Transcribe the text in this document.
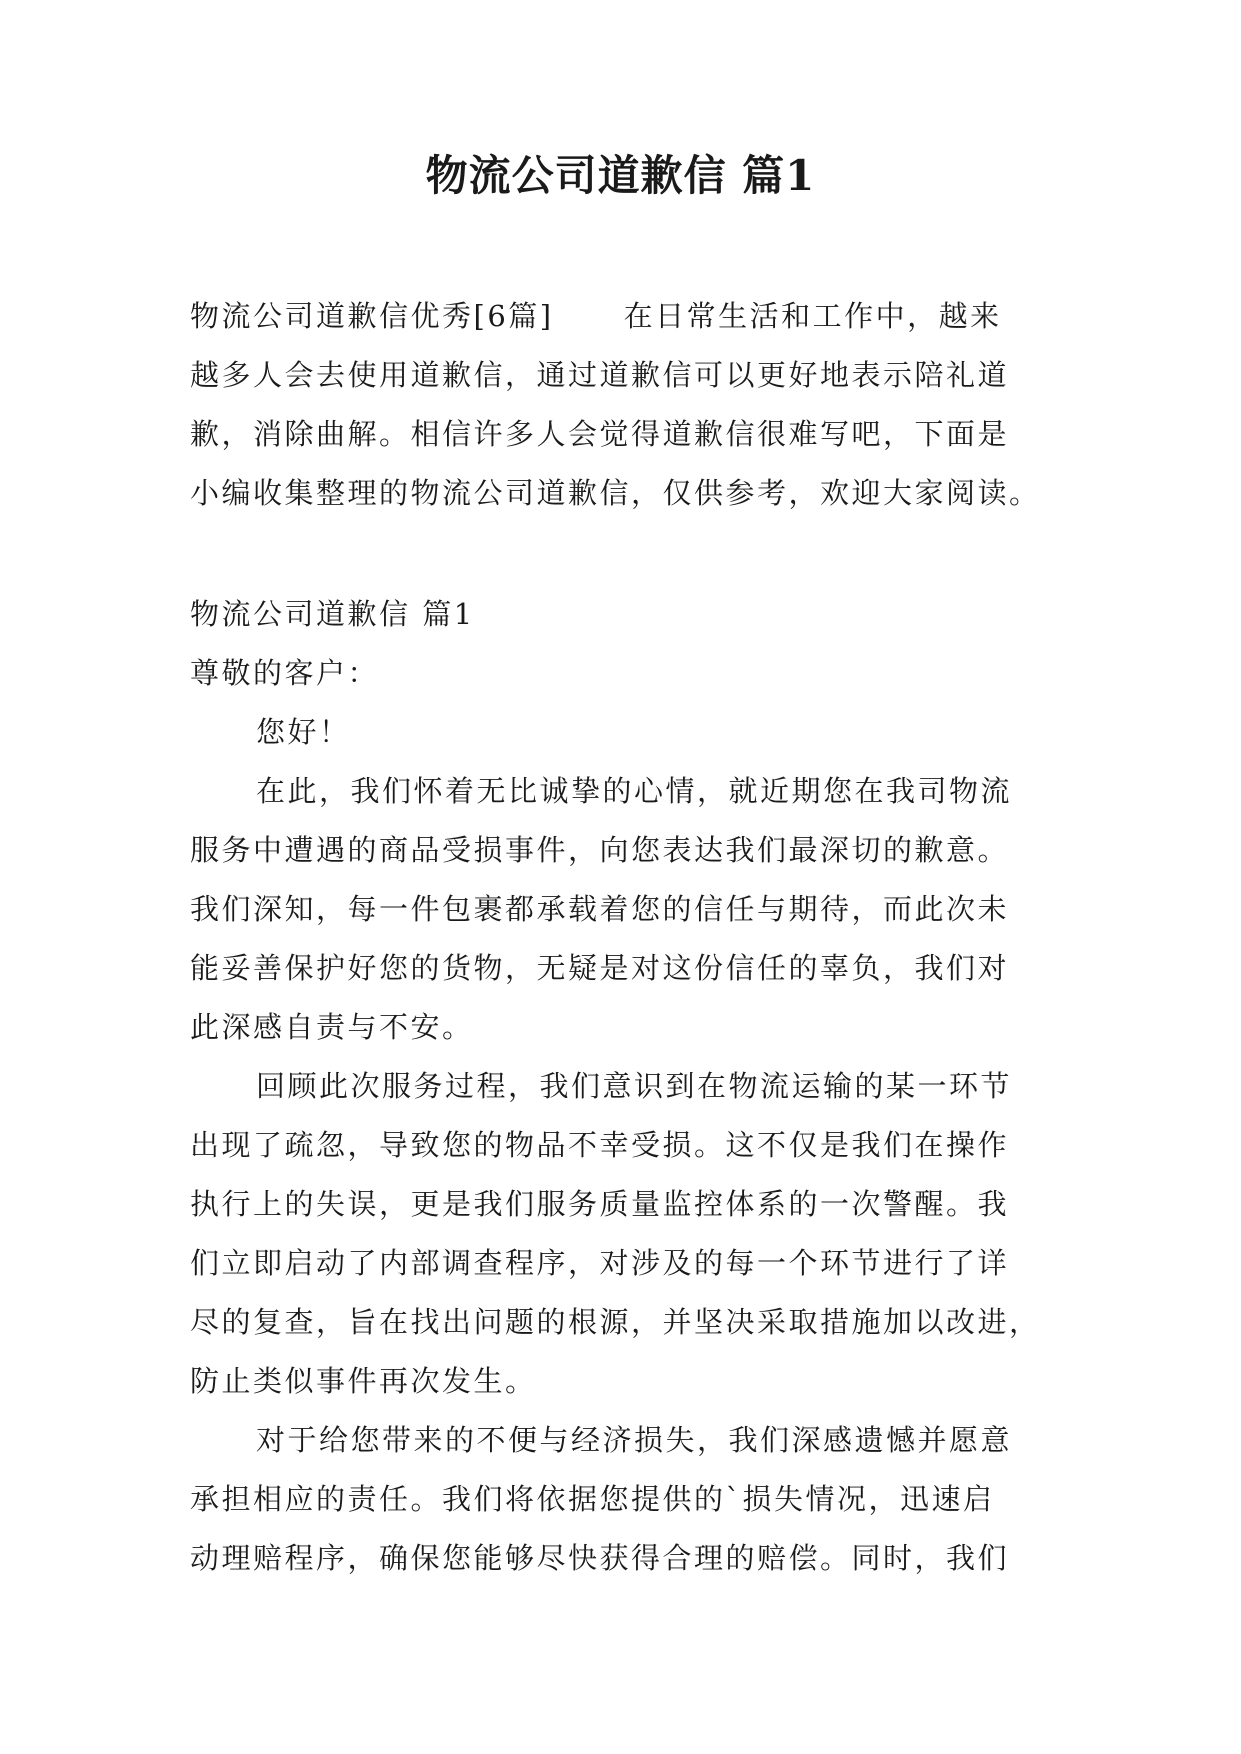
物流公司道歉信 篇1
物流公司道歉信优秀[6篇] 在日常生活和工作中，越来
越多人会去使用道歉信，通过道歉信可以更好地表示陪礼道
歉，消除曲解。相信许多人会觉得道歉信很难写吧，下面是
小编收集整理的物流公司道歉信，仅供参考，欢迎大家阅读。
物流公司道歉信 篇1
尊敬的客户：
您好！
在此，我们怀着无比诚挚的心情，就近期您在我司物流
服务中遭遇的商品受损事件，向您表达我们最深切的歉意。
我们深知，每一件包裹都承载着您的信任与期待，而此次未
能妥善保护好您的货物，无疑是对这份信任的辜负，我们对
此深感自责与不安。
回顾此次服务过程，我们意识到在物流运输的某一环节
出现了疏忽，导致您的物品不幸受损。这不仅是我们在操作
执行上的失误，更是我们服务质量监控体系的一次警醒。我
们立即启动了内部调查程序，对涉及的每一个环节进行了详
尽的复查，旨在找出问题的根源，并坚决采取措施加以改进，
防止类似事件再次发生。
对于给您带来的不便与经济损失，我们深感遗憾并愿意
承担相应的责任。我们将依据您提供的`损失情况，迅速启
动理赔程序，确保您能够尽快获得合理的赔偿。同时，我们
